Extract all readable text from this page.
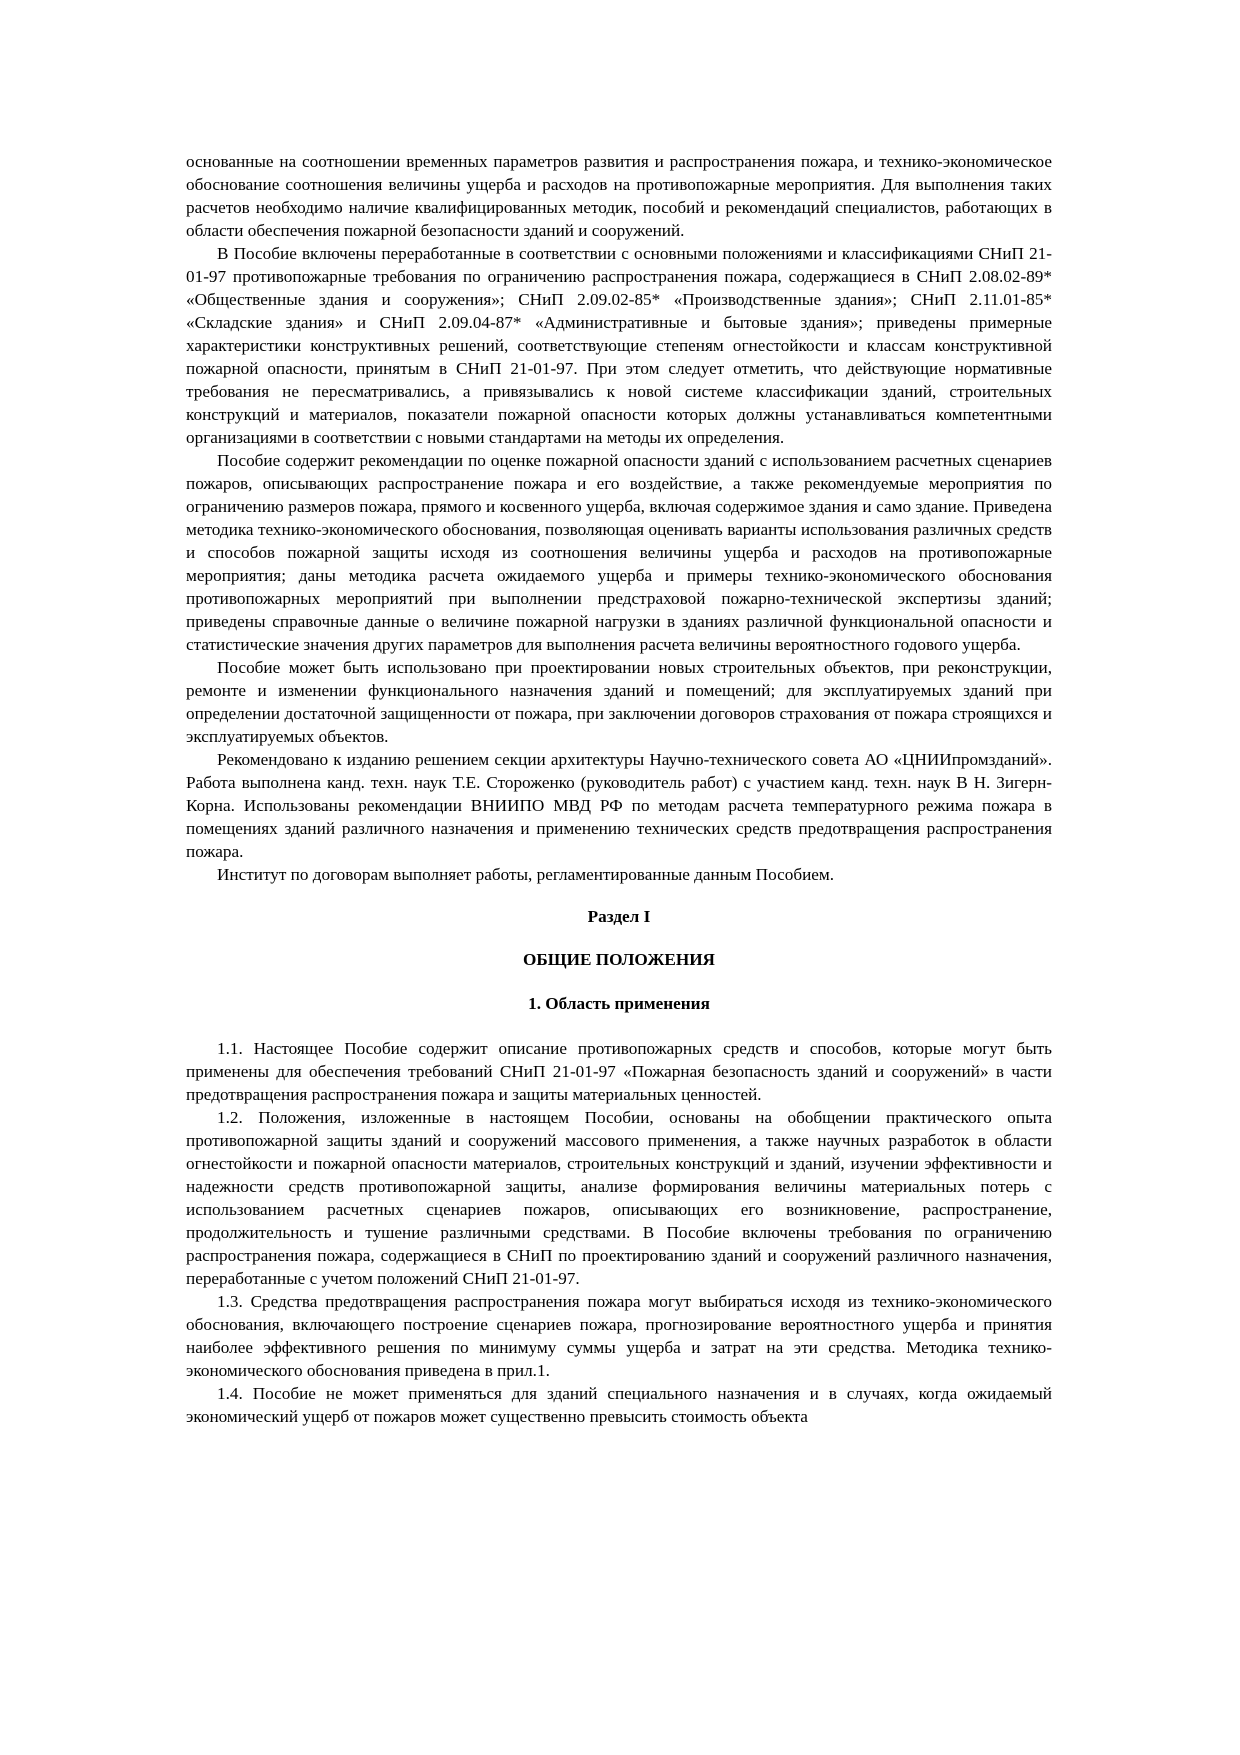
основанные на соотношении временных параметров развития и распространения пожара, и технико-экономическое обоснование соотношения величины ущерба и расходов на противопожарные мероприятия. Для выполнения таких расчетов необходимо наличие квалифицированных методик, пособий и рекомендаций специалистов, работающих в области обеспечения пожарной безопасности зданий и сооружений.

В Пособие включены переработанные в соответствии с основными положениями и классификациями СНиП 21-01-97 противопожарные требования по ограничению распространения пожара, содержащиеся в СНиП 2.08.02-89* «Общественные здания и сооружения»; СНиП 2.09.02-85* «Производственные здания»; СНиП 2.11.01-85* «Складские здания» и СНиП 2.09.04-87* «Административные и бытовые здания»; приведены примерные характеристики конструктивных решений, соответствующие степеням огнестойкости и классам конструктивной пожарной опасности, принятым в СНиП 21-01-97. При этом следует отметить, что действующие нормативные требования не пересматривались, а привязывались к новой системе классификации зданий, строительных конструкций и материалов, показатели пожарной опасности которых должны устанавливаться компетентными организациями в соответствии с новыми стандартами на методы их определения.

Пособие содержит рекомендации по оценке пожарной опасности зданий с использованием расчетных сценариев пожаров, описывающих распространение пожара и его воздействие, а также рекомендуемые мероприятия по ограничению размеров пожара, прямого и косвенного ущерба, включая содержимое здания и само здание. Приведена методика технико-экономического обоснования, позволяющая оценивать варианты использования различных средств и способов пожарной защиты исходя из соотношения величины ущерба и расходов на противопожарные мероприятия; даны методика расчета ожидаемого ущерба и примеры технико-экономического обоснования противопожарных мероприятий при выполнении предстраховой пожарно-технической экспертизы зданий; приведены справочные данные о величине пожарной нагрузки в зданиях различной функциональной опасности и статистические значения других параметров для выполнения расчета величины вероятностного годового ущерба.

Пособие может быть использовано при проектировании новых строительных объектов, при реконструкции, ремонте и изменении функционального назначения зданий и помещений; для эксплуатируемых зданий при определении достаточной защищенности от пожара, при заключении договоров страхования от пожара строящихся и эксплуатируемых объектов.

Рекомендовано к изданию решением секции архитектуры Научно-технического совета АО «ЦНИИпромзданий». Работа выполнена канд. техн. наук Т.Е. Стороженко (руководитель работ) с участием канд. техн. наук В Н. Зигерн-Корна. Использованы рекомендации ВНИИПО МВД РФ по методам расчета температурного режима пожара в помещениях зданий различного назначения и применению технических средств предотвращения распространения пожара.

Институт по договорам выполняет работы, регламентированные данным Пособием.

Раздел I

ОБЩИЕ ПОЛОЖЕНИЯ

1. Область применения

1.1. Настоящее Пособие содержит описание противопожарных средств и способов, которые могут быть применены для обеспечения требований СНиП 21-01-97 «Пожарная безопасность зданий и сооружений» в части предотвращения распространения пожара и защиты материальных ценностей.

1.2. Положения, изложенные в настоящем Пособии, основаны на обобщении практического опыта противопожарной защиты зданий и сооружений массового применения, а также научных разработок в области огнестойкости и пожарной опасности материалов, строительных конструкций и зданий, изучении эффективности и надежности средств противопожарной защиты, анализе формирования величины материальных потерь с использованием расчетных сценариев пожаров, описывающих его возникновение, распространение, продолжительность и тушение различными средствами. В Пособие включены требования по ограничению распространения пожара, содержащиеся в СНиП по проектированию зданий и сооружений различного назначения, переработанные с учетом положений СНиП 21-01-97.

1.3. Средства предотвращения распространения пожара могут выбираться исходя из технико-экономического обоснования, включающего построение сценариев пожара, прогнозирование вероятностного ущерба и принятия наиболее эффективного решения по минимуму суммы ущерба и затрат на эти средства. Методика технико-экономического обоснования приведена в прил.1.

1.4. Пособие не может применяться для зданий специального назначения и в случаях, когда ожидаемый экономический ущерб от пожаров может существенно превысить стоимость объекта
